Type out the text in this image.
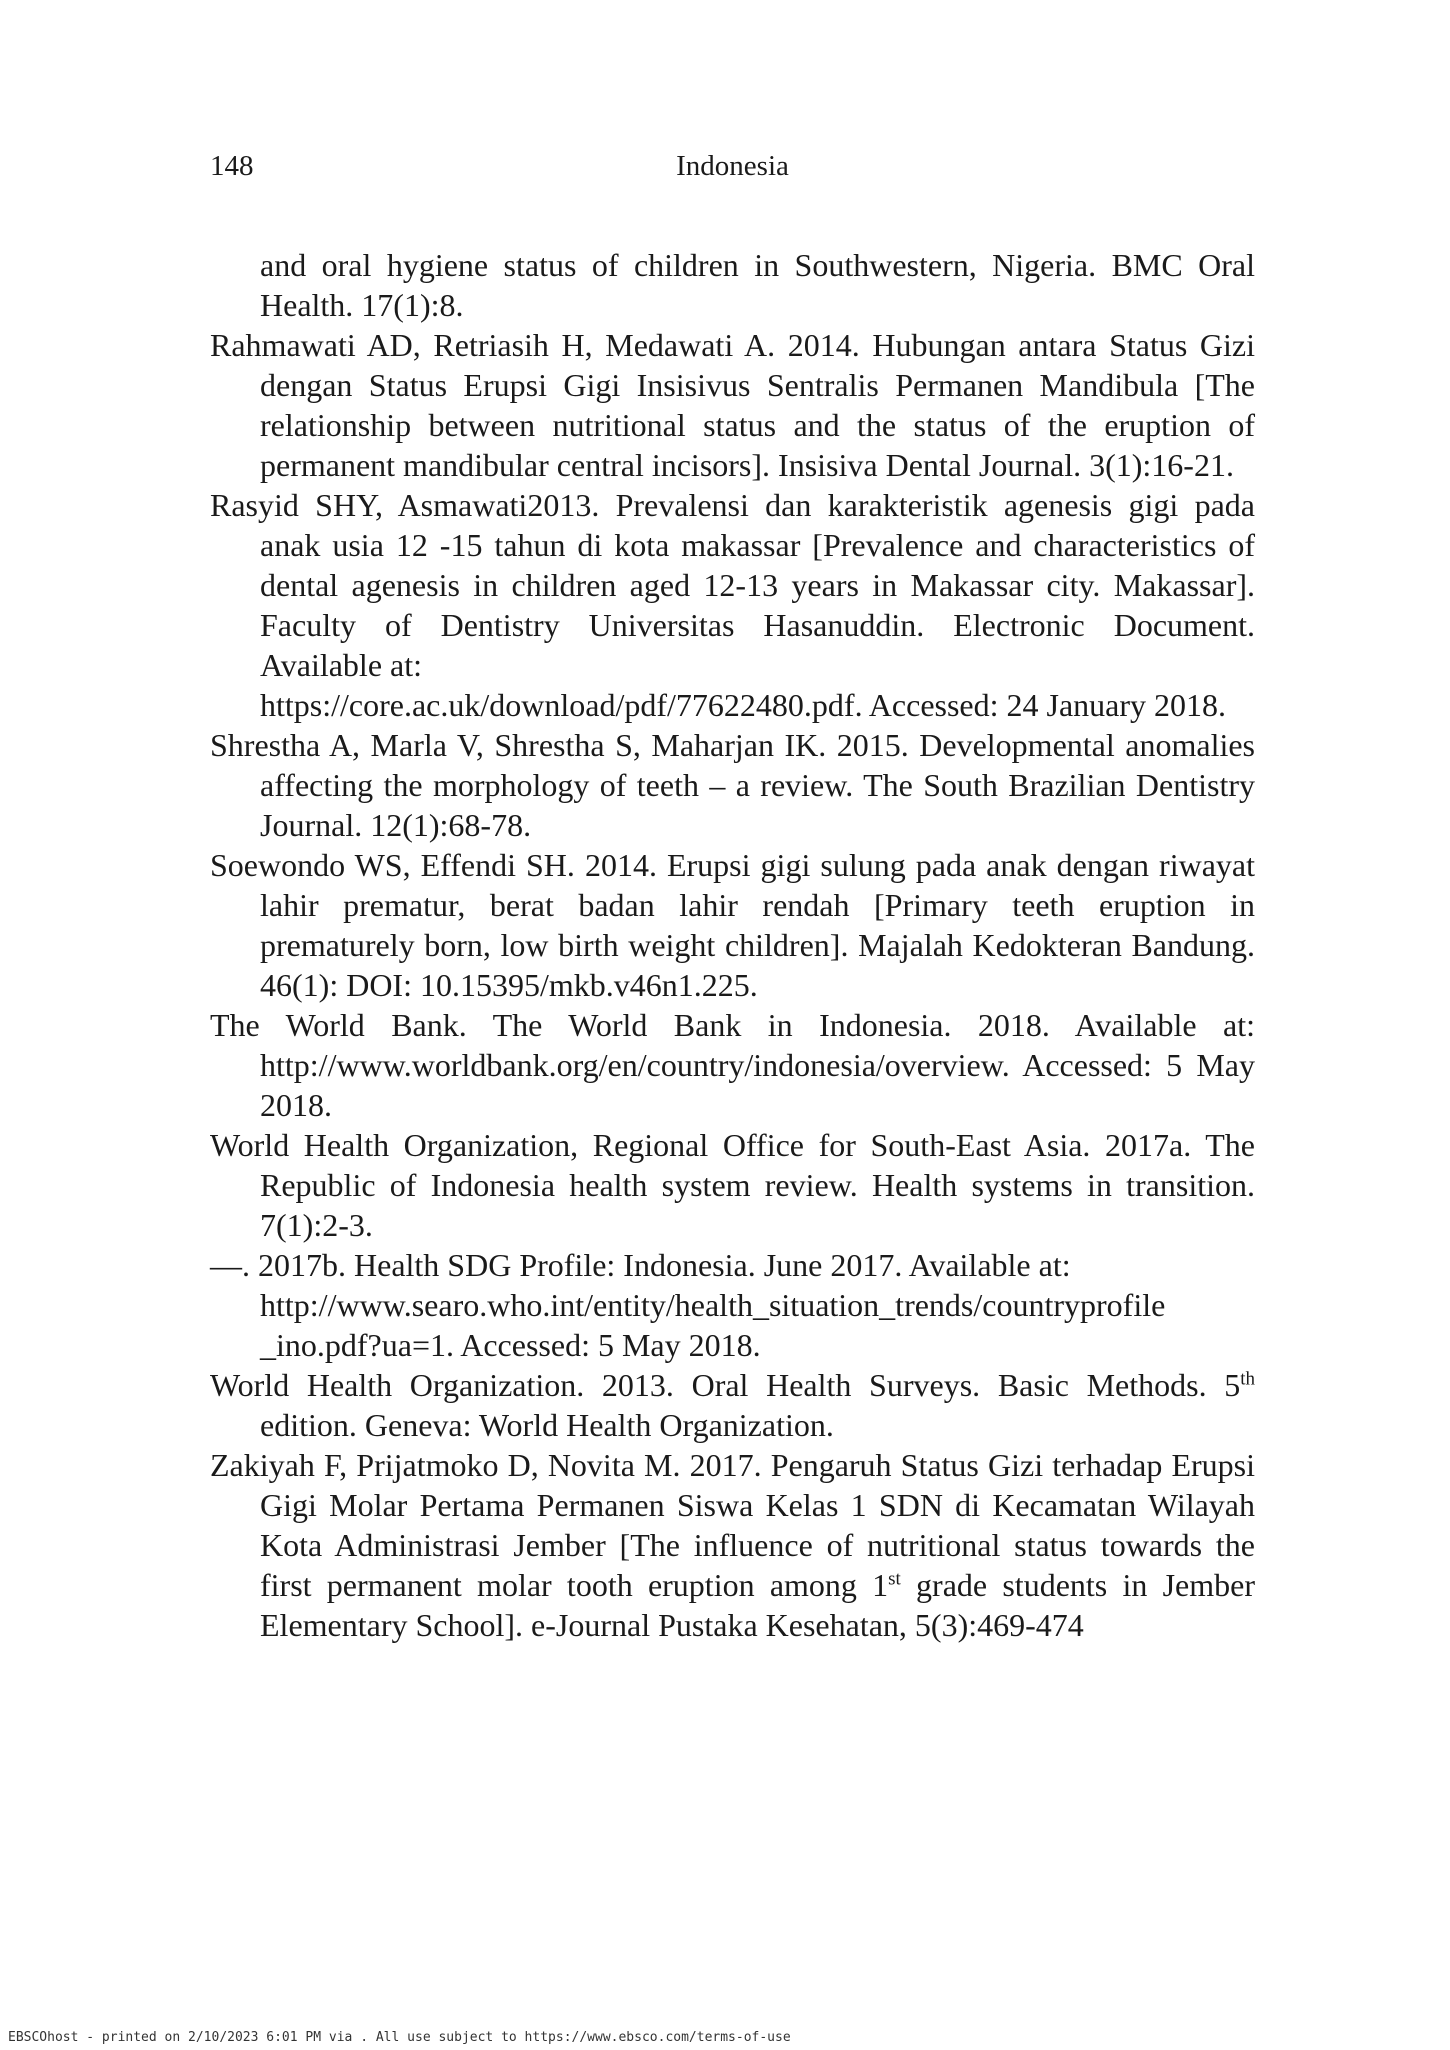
148	Indonesia
and oral hygiene status of children in Southwestern, Nigeria. BMC Oral Health. 17(1):8.
Rahmawati AD, Retriasih H, Medawati A. 2014. Hubungan antara Status Gizi dengan Status Erupsi Gigi Insisivus Sentralis Permanen Mandibula [The relationship between nutritional status and the status of the eruption of permanent mandibular central incisors]. Insisiva Dental Journal. 3(1):16-21.
Rasyid SHY, Asmawati2013. Prevalensi dan karakteristik agenesis gigi pada anak usia 12 -15 tahun di kota makassar [Prevalence and characteristics of dental agenesis in children aged 12-13 years in Makassar city. Makassar]. Faculty of Dentistry Universitas Hasanuddin. Electronic Document. Available at:
https://core.ac.uk/download/pdf/77622480.pdf. Accessed: 24 January 2018.
Shrestha A, Marla V, Shrestha S, Maharjan IK. 2015. Developmental anomalies affecting the morphology of teeth – a review. The South Brazilian Dentistry Journal. 12(1):68-78.
Soewondo WS, Effendi SH. 2014. Erupsi gigi sulung pada anak dengan riwayat lahir prematur, berat badan lahir rendah [Primary teeth eruption in prematurely born, low birth weight children]. Majalah Kedokteran Bandung. 46(1): DOI: 10.15395/mkb.v46n1.225.
The World Bank. The World Bank in Indonesia. 2018. Available at: http://www.worldbank.org/en/country/indonesia/overview. Accessed: 5 May 2018.
World Health Organization, Regional Office for South-East Asia. 2017a. The Republic of Indonesia health system review. Health systems in transition. 7(1):2-3.
—. 2017b. Health SDG Profile: Indonesia. June 2017. Available at:
http://www.searo.who.int/entity/health_situation_trends/countryprofile _ino.pdf?ua=1. Accessed: 5 May 2018.
World Health Organization. 2013. Oral Health Surveys. Basic Methods. 5th edition. Geneva: World Health Organization.
Zakiyah F, Prijatmoko D, Novita M. 2017. Pengaruh Status Gizi terhadap Erupsi Gigi Molar Pertama Permanen Siswa Kelas 1 SDN di Kecamatan Wilayah Kota Administrasi Jember [The influence of nutritional status towards the first permanent molar tooth eruption among 1st grade students in Jember Elementary School]. e-Journal Pustaka Kesehatan, 5(3):469-474
EBSCOhost - printed on 2/10/2023 6:01 PM via . All use subject to https://www.ebsco.com/terms-of-use
